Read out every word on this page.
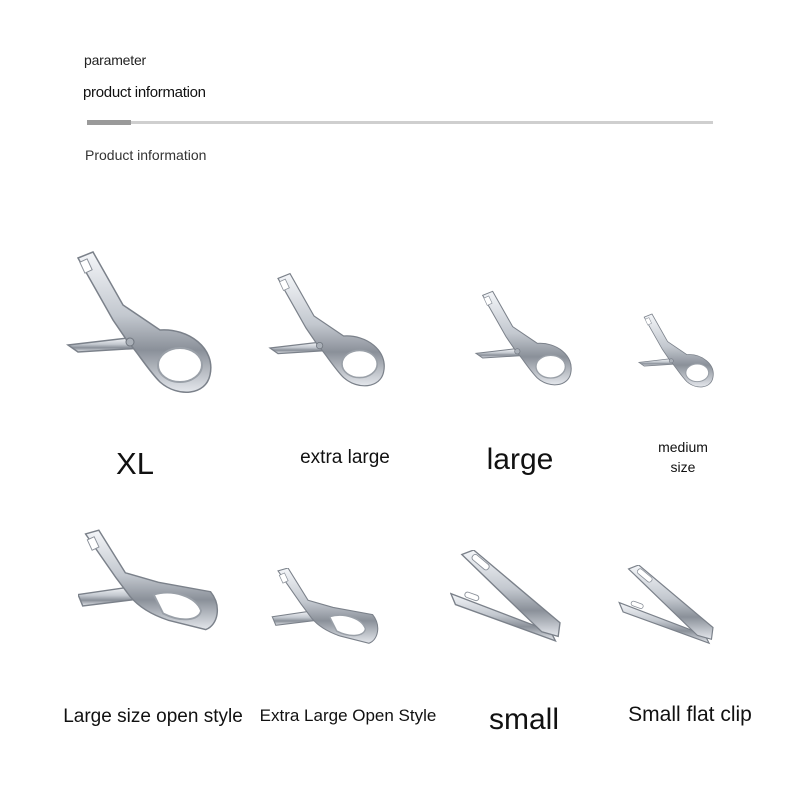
parameter
product information
Product information
XL	extra large	large	medium
size
Large size open style Extra Large Open Style small	Small flat clip
